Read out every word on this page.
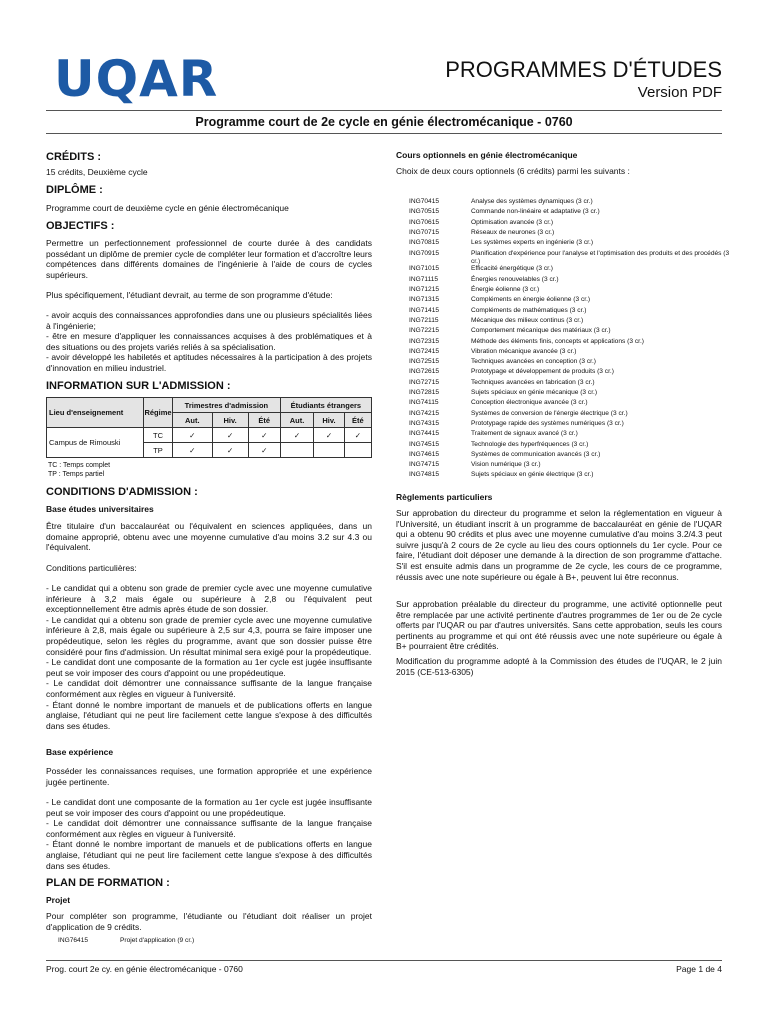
UQAR	PROGRAMMES D'ÉTUDES
Version PDF
Programme court de 2e cycle en génie électromécanique - 0760
CRÉDITS :
15 crédits, Deuxième cycle
DIPLÔME :
Programme court de deuxième cycle en génie électromécanique
OBJECTIFS :

Permettre un perfectionnement professionnel de courte durée à des candidats possédant un diplôme de premier cycle de compléter leur formation et d'accroître leurs compétences dans différents domaines de l'ingénierie à l'aide de cours de cycles supérieurs.

Plus spécifiquement, l'étudiant devrait, au terme de son programme d'étude:

- avoir acquis des connaissances approfondies dans une ou plusieurs spécialités liées à l'ingénierie;
- être en mesure d'appliquer les connaissances acquises à des problématiques et à des situations ou des projets variés reliés à sa spécialisation.
- avoir développé les habiletés et aptitudes nécessaires à la participation à des projets d'innovation en milieu industriel.

INFORMATION SUR L'ADMISSION :
Lieu d'enseignement	Régime	Trimestres d'admission			Étudiants étrangers		
		Aut.	Hiv.	Été	Aut.	Hiv.	Été
Campus de Rimouski	TC	✓	✓	✓	✓	✓	✓
	TP	✓	✓	✓			
TC : Temps complet
TP : Temps partiel
CONDITIONS D'ADMISSION :
Base études universitaires

Être titulaire d'un baccalauréat ou l'équivalent en sciences appliquées, dans un domaine approprié, obtenu avec une moyenne cumulative d'au moins 3.2 sur 4.3 ou l'équivalent.

Conditions particulières:

- Le candidat qui a obtenu son grade de premier cycle avec une moyenne cumulative inférieure à 3,2 mais égale ou supérieure à 2,8 ou l'équivalent peut exceptionnellement être admis après étude de son dossier.
- Le candidat qui a obtenu son grade de premier cycle avec une moyenne cumulative inférieure à 2,8, mais égale ou supérieure à 2,5 sur 4,3, pourra se faire imposer une propédeutique, selon les règles du programme, avant que son dossier puisse être considéré pour fins d'admission. Un résultat minimal sera exigé pour la propédeutique.
- Le candidat dont une composante de la formation au 1er cycle est jugée insuffisante peut se voir imposer des cours d'appoint ou une propédeutique.
- Le candidat doit démontrer une connaissance suffisante de la langue française conformément aux règles en vigueur à l'université.
- Étant donné le nombre important de manuels et de publications offerts en langue anglaise, l'étudiant qui ne peut lire facilement cette langue s'expose à des difficultés dans ses études.

Base expérience

Posséder les connaissances requises, une formation appropriée et une expérience jugée pertinente.

- Le candidat dont une composante de la formation au 1er cycle est jugée insuffisante peut se voir imposer des cours d'appoint ou une propédeutique.
- Le candidat doit démontrer une connaissance suffisante de la langue française conformément aux règles en vigueur à l'université.
- Étant donné le nombre important de manuels et de publications offerts en langue anglaise, l'étudiant qui ne peut lire facilement cette langue s'expose à des difficultés dans ses études.

PLAN DE FORMATION :
Projet

Pour compléter son programme, l'étudiante ou l'étudiant doit réaliser un projet d'application de 9 crédits.

ING76415	Projet d'application (9 cr.)
Cours optionnels en génie électromécanique
Choix de deux cours optionnels (6 crédits) parmi les suivants :
ING70415	Analyse des systèmes dynamiques (3 cr.)
ING70515	Commande non-linéaire et adaptative (3 cr.)
ING70615	Optimisation avancée (3 cr.)
ING70715	Réseaux de neurones (3 cr.)
ING70815	Les systèmes experts en ingénierie (3 cr.)
ING70915	Planification d'expérience pour l'analyse et l'optimisation des produits et des procédés (3 cr.)
ING71015	Efficacité énergétique (3 cr.)
ING71115	Énergies renouvelables (3 cr.)
ING71215	Énergie éolienne (3 cr.)
ING71315	Compléments en énergie éolienne (3 cr.)
ING71415	Compléments de mathématiques (3 cr.)
ING72115	Mécanique des milieux continus (3 cr.)
ING72215	Comportement mécanique des matériaux (3 cr.)
ING72315	Méthode des éléments finis, concepts et applications (3 cr.)
ING72415	Vibration mécanique avancée (3 cr.)
ING72515	Techniques avancées en conception (3 cr.)
ING72615	Prototypage et développement de produits (3 cr.)
ING72715	Techniques avancées en fabrication (3 cr.)
ING72815	Sujets spéciaux en génie mécanique (3 cr.)
ING74115	Conception électronique avancée (3 cr.)
ING74215	Systèmes de conversion de l'énergie électrique (3 cr.)
ING74315	Prototypage rapide des systèmes numériques (3 cr.)
ING74415	Traitement de signaux avancé (3 cr.)
ING74515	Technologie des hyperfréquences (3 cr.)
ING74615	Systèmes de communication avancés (3 cr.)
ING74715	Vision numérique (3 cr.)
ING74815	Sujets spéciaux en génie électrique (3 cr.)
Règlements particuliers

Sur approbation du directeur du programme et selon la réglementation en vigueur à l'Université, un étudiant inscrit à un programme de baccalauréat en génie de l'UQAR qui a obtenu 90 crédits et plus avec une moyenne cumulative d'au moins 3.2/4.3 peut suivre jusqu'à 2 cours de 2e cycle au lieu des cours optionnels du 1er cycle. Pour ce faire, l'étudiant doit déposer une demande à la direction de son programme d'attache. S'il est ensuite admis dans un programme de 2e cycle, les cours de ce programme, réussis avec une note supérieure ou égale à B+, peuvent lui être reconnus.

Sur approbation préalable du directeur du programme, une activité optionnelle peut être remplacée par une activité pertinente d'autres programmes de 1er ou de 2e cycle offerts par l'UQAR ou par d'autres universités. Sans cette approbation, seuls les cours pertinents au programme et qui ont été réussis avec une note supérieure ou égale à B+ pourraient être crédités.

Modification du programme adopté à la Commission des études de l'UQAR, le 2 juin 2015 (CE-513-6305)

Prog. court 2e cy. en génie électromécanique - 0760	Page 1 de 4
